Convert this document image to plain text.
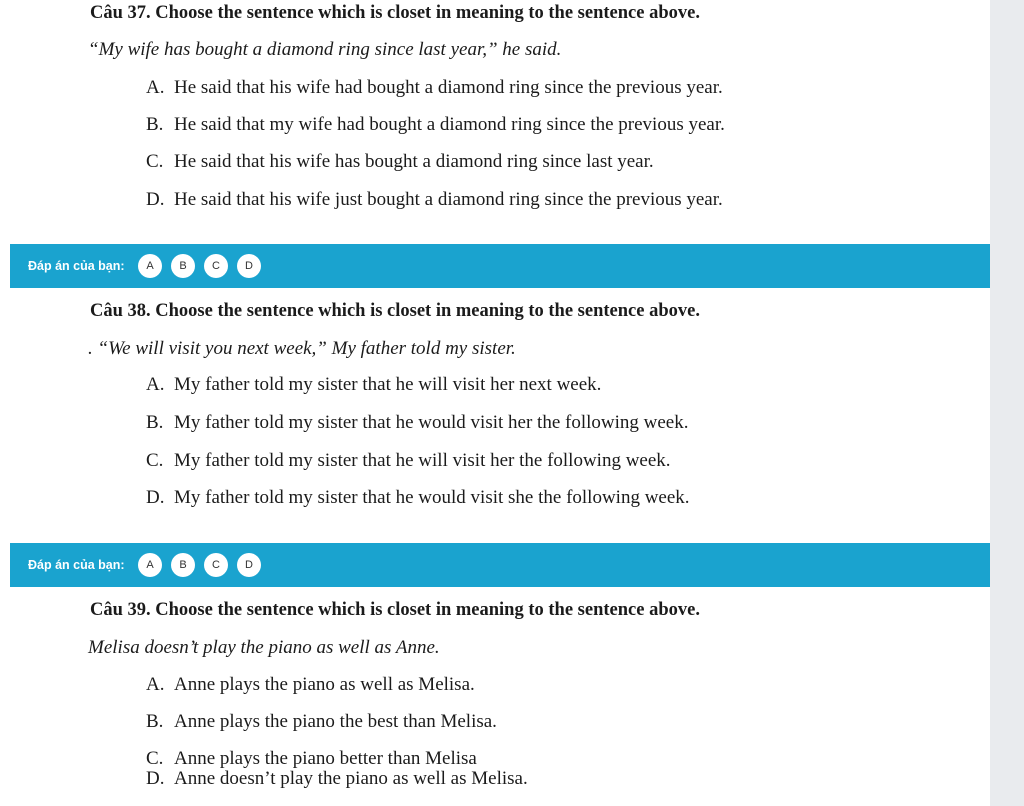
Câu 37. Choose the sentence which is closet in meaning to the sentence above.
“My wife has bought a diamond ring since last year,” he said.
A. He said that his wife had bought a diamond ring since the previous year.
B. He said that my wife had bought a diamond ring since the previous year.
C. He said that his wife has bought a diamond ring since last year.
D. He said that his wife just bought a diamond ring since the previous year.
Đáp án của bạn:	A	B	C	D
Câu 38. Choose the sentence which is closet in meaning to the sentence above.
. “We will visit you next week,” My father told my sister.
A. My father told my sister that he will visit her next week.
B. My father told my sister that he would visit her the following week.
C. My father told my sister that he will visit her the following week.
D. My father told my sister that he would visit she the following week.
Đáp án của bạn:	A	B	C	D
Câu 39. Choose the sentence which is closet in meaning to the sentence above.
Melisa doesn’t play the piano as well as Anne.
A. Anne plays the piano as well as Melisa.
B. Anne plays the piano the best than Melisa.
C. Anne plays the piano better than Melisa
D. Anne doesn’t play the piano as well as Melisa.
